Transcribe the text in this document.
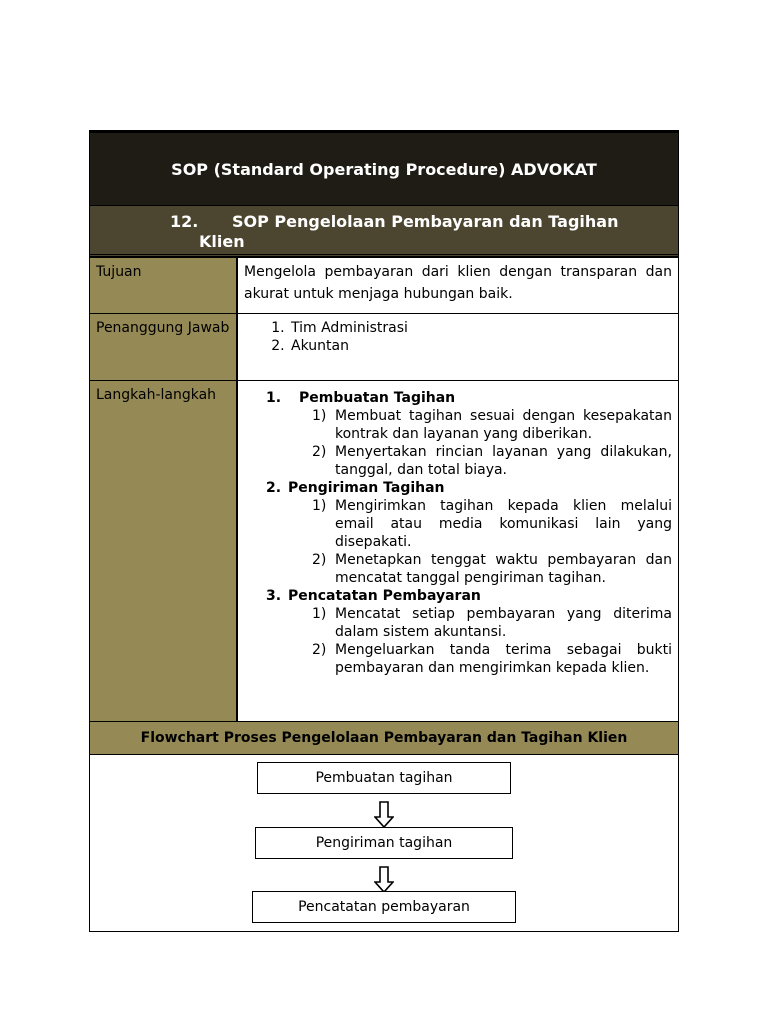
SOP (Standard Operating Procedure) ADVOKAT
12. SOP Pengelolaan Pembayaran dan Tagihan
Klien
Tujuan	Mengelola pembayaran dari klien dengan transparan dan akurat untuk menjaga hubungan baik.
Penanggung Jawab
1.	Tim Administrasi
2. Akuntan
Langkah-langkah	1. Pembuatan Tagihan
1) Membuat tagihan sesuai dengan kesepakatan kontrak dan layanan yang diberikan.
2) Menyertakan rincian layanan yang dilakukan, tanggal, dan total biaya.
2. Pengiriman Tagihan
1) Mengirimkan tagihan kepada klien melalui email atau media komunikasi lain yang disepakati.
2) Menetapkan tenggat waktu pembayaran dan mencatat tanggal pengiriman tagihan.
3. Pencatatan Pembayaran
1) Mencatat setiap pembayaran yang diterima dalam sistem akuntansi.
2) Mengeluarkan tanda terima sebagai bukti pembayaran dan mengirimkan kepada klien.
Flowchart Proses Pengelolaan Pembayaran dan Tagihan Klien
Pembuatan tagihan
Pengiriman tagihan
Pencatatan pembayaran
